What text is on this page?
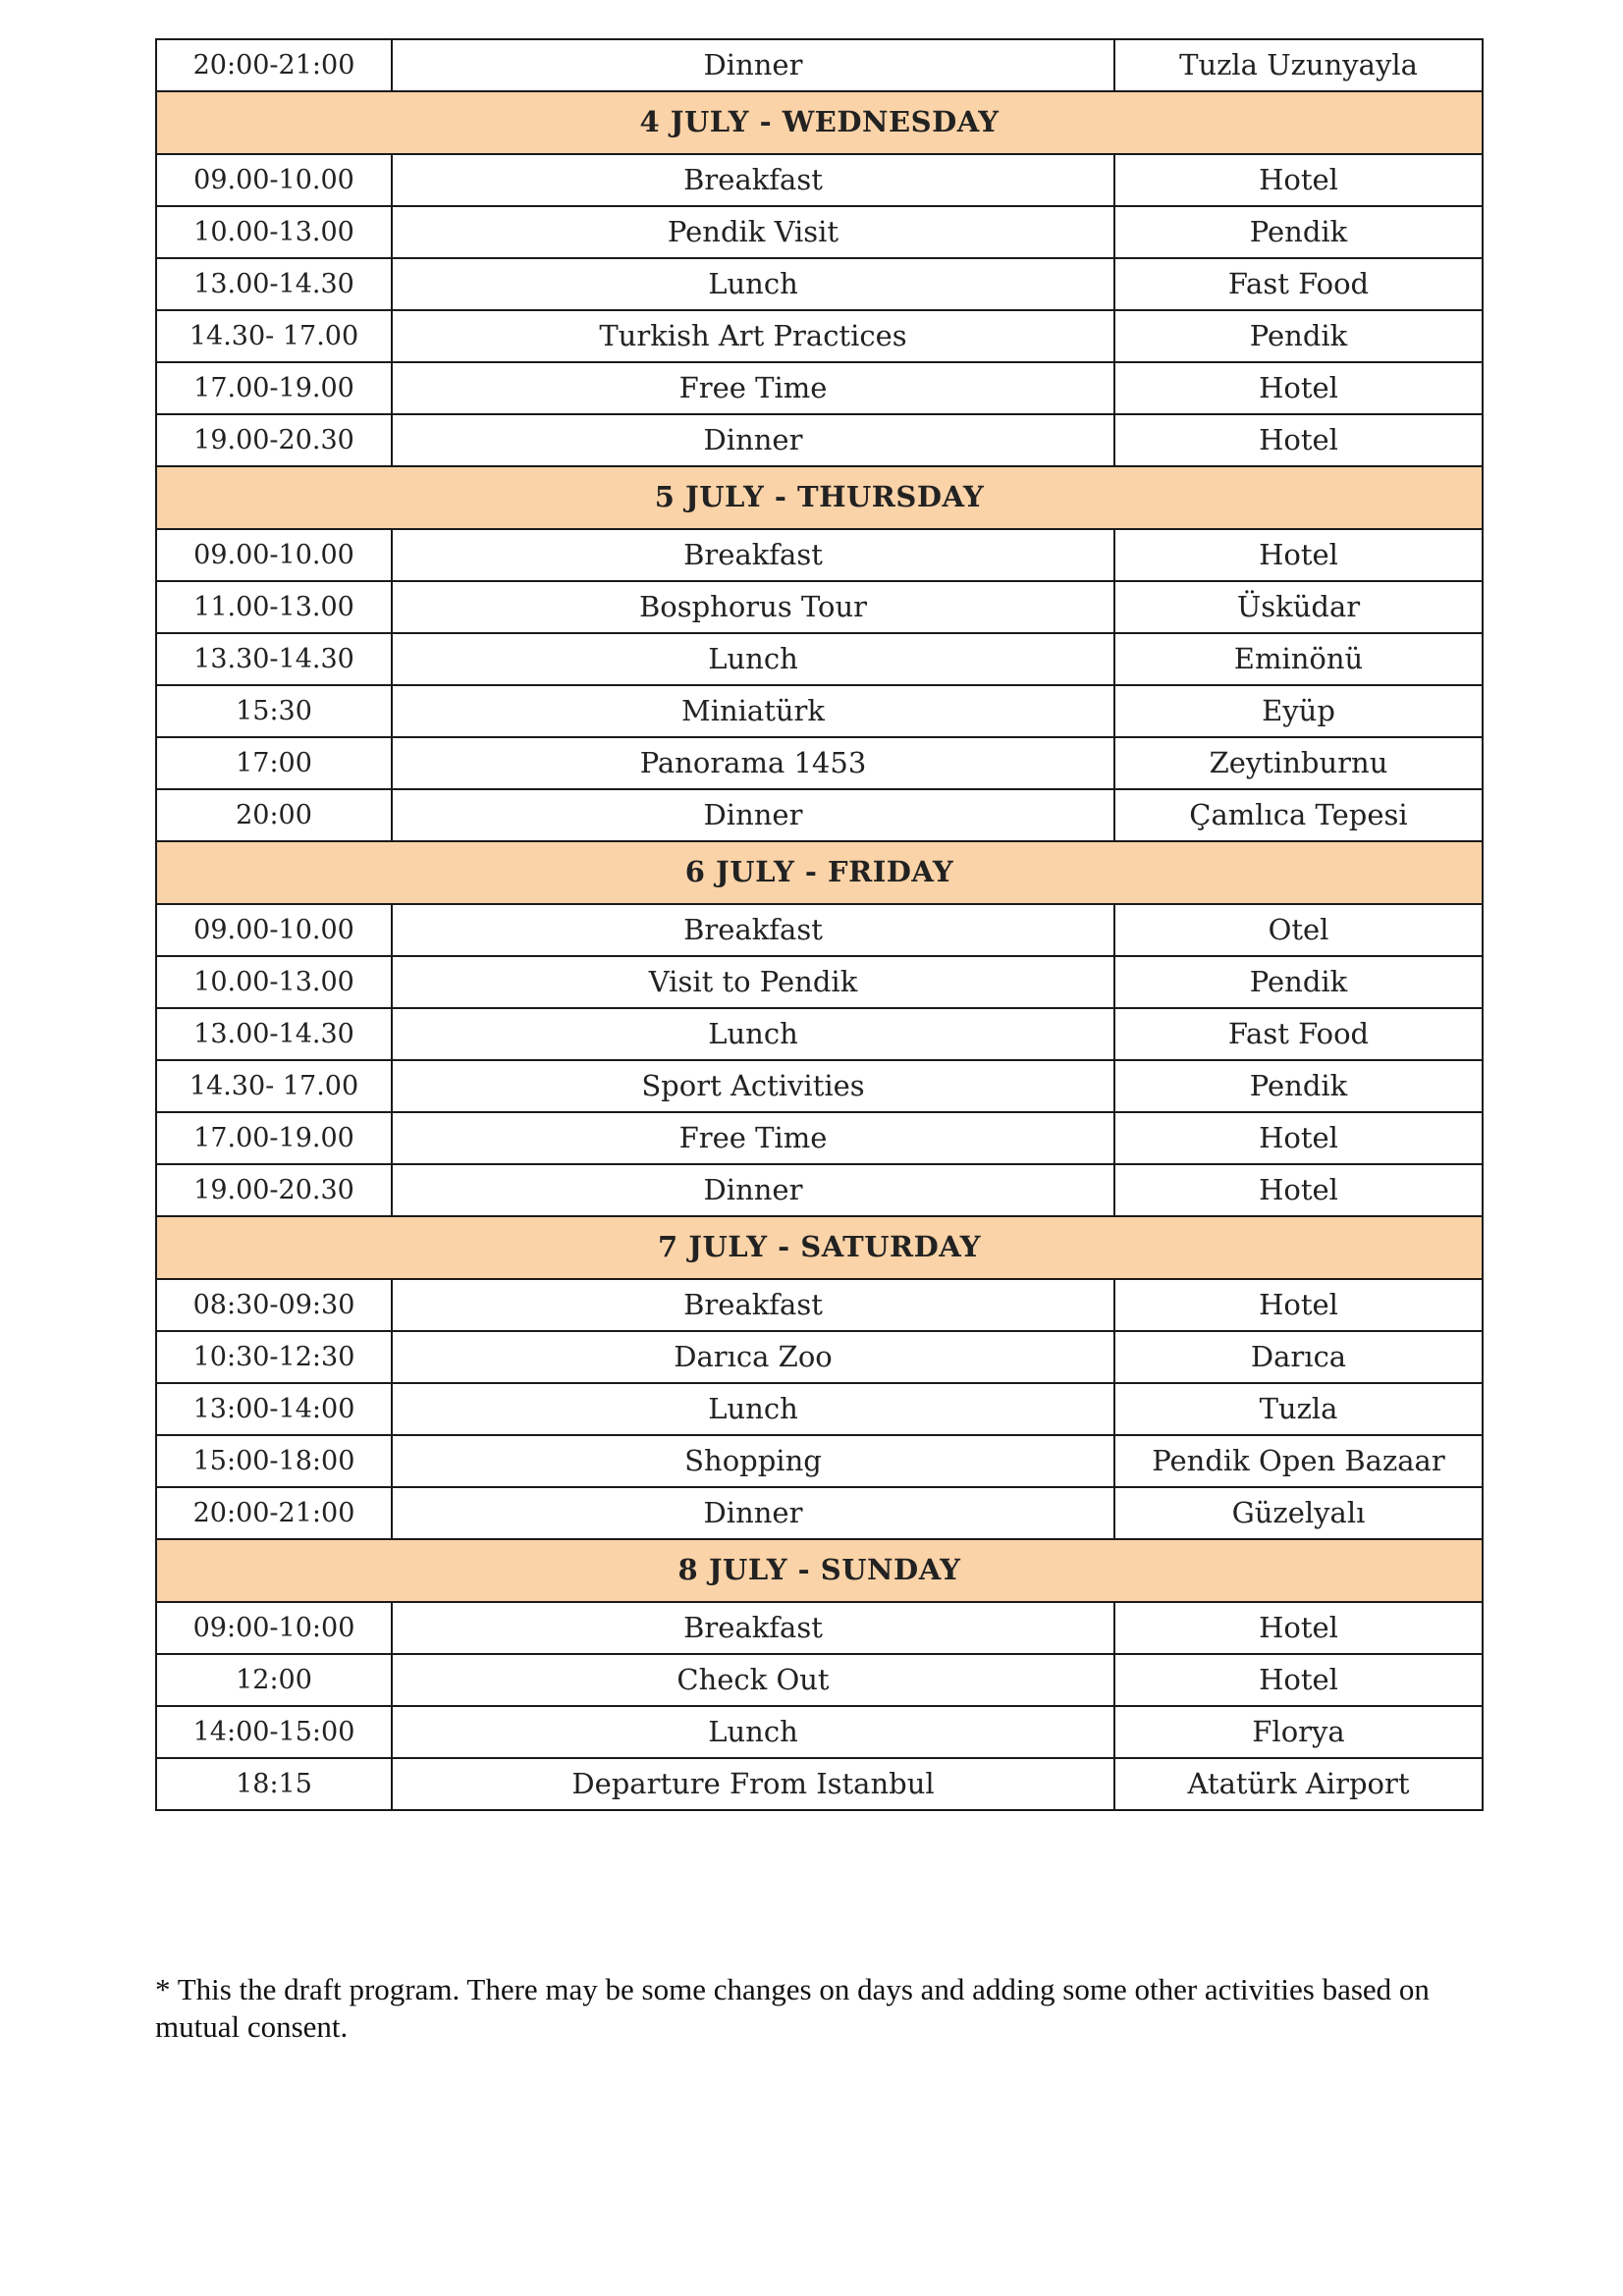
20:00-21:00	Dinner	Tuzla Uzunyayla
4 JULY - WEDNESDAY		
09.00-10.00	Breakfast	Hotel
10.00-13.00	Pendik Visit	Pendik
13.00-14.30	Lunch	Fast Food
14.30- 17.00	Turkish Art Practices	Pendik
17.00-19.00	Free Time	Hotel
19.00-20.30	Dinner	Hotel
5 JULY - THURSDAY		
09.00-10.00	Breakfast	Hotel
11.00-13.00	Bosphorus Tour	Üsküdar
13.30-14.30	Lunch	Eminönü
15:30	Miniatürk	Eyüp
17:00	Panorama 1453	Zeytinburnu
20:00	Dinner	Çamlıca Tepesi
6 JULY - FRIDAY		
09.00-10.00	Breakfast	Otel
10.00-13.00	Visit to Pendik	Pendik
13.00-14.30	Lunch	Fast Food
14.30- 17.00	Sport Activities	Pendik
17.00-19.00	Free Time	Hotel
19.00-20.30	Dinner	Hotel
7 JULY - SATURDAY		
08:30-09:30	Breakfast	Hotel
10:30-12:30	Darıca Zoo	Darıca
13:00-14:00	Lunch	Tuzla
15:00-18:00	Shopping	Pendik Open Bazaar
20:00-21:00	Dinner	Güzelyalı
8 JULY - SUNDAY		
09:00-10:00	Breakfast	Hotel
12:00	Check Out	Hotel
14:00-15:00	Lunch	Florya
18:15	Departure From Istanbul	Atatürk Airport

* This the draft program. There may be some changes on days and adding some other activities based on mutual consent.
